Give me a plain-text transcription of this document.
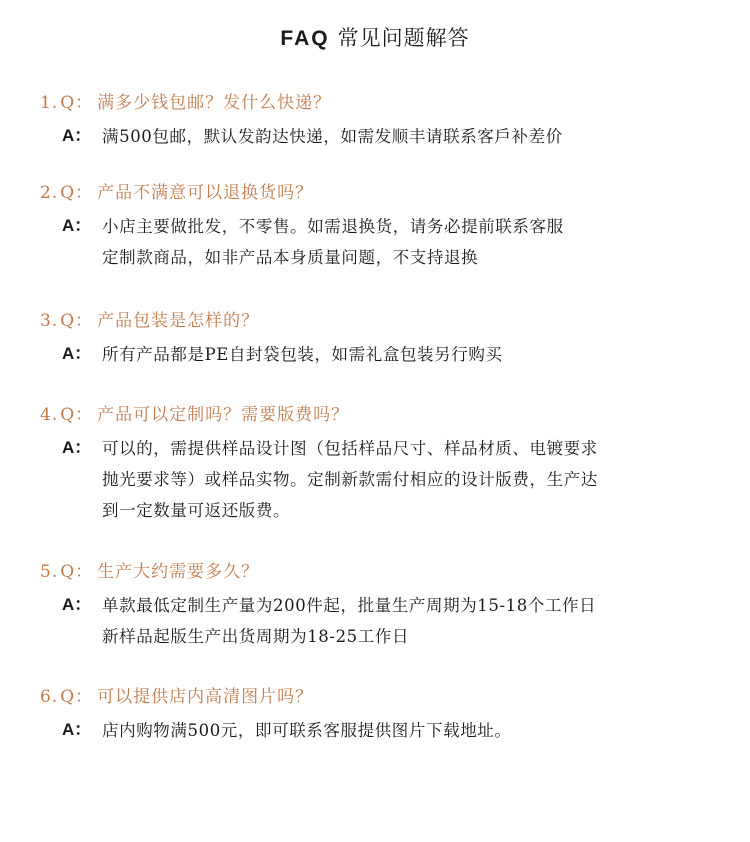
FAQ 常见问题解答
1. Q： 满多少钱包邮？发什么快递？
A： 满500包邮，默认发韵达快递，如需发顺丰请联系客戶补差价
2. Q： 产品不满意可以退换货吗？
A： 小店主要做批发，不零售。如需退换货，请务必提前联系客服
定制款商品，如非产品本身质量问题，不支持退换
3. Q： 产品包装是怎样的？
A： 所有产品都是PE自封袋包装，如需礼盒包装另行购买
4. Q： 产品可以定制吗？需要版费吗？
A： 可以的，需提供样品设计图（包括样品尺寸、样品材质、电镀要求
抛光要求等）或样品实物。定制新款需付相应的设计版费，生产达
到一定数量可返还版费。
5. Q： 生产大约需要多久？
A： 单款最低定制生产量为200件起，批量生产周期为15-18个工作日
新样品起版生产出货周期为18-25工作日
6. Q： 可以提供店内高清图片吗？
A： 店内购物满500元，即可联系客服提供图片下载地址。
